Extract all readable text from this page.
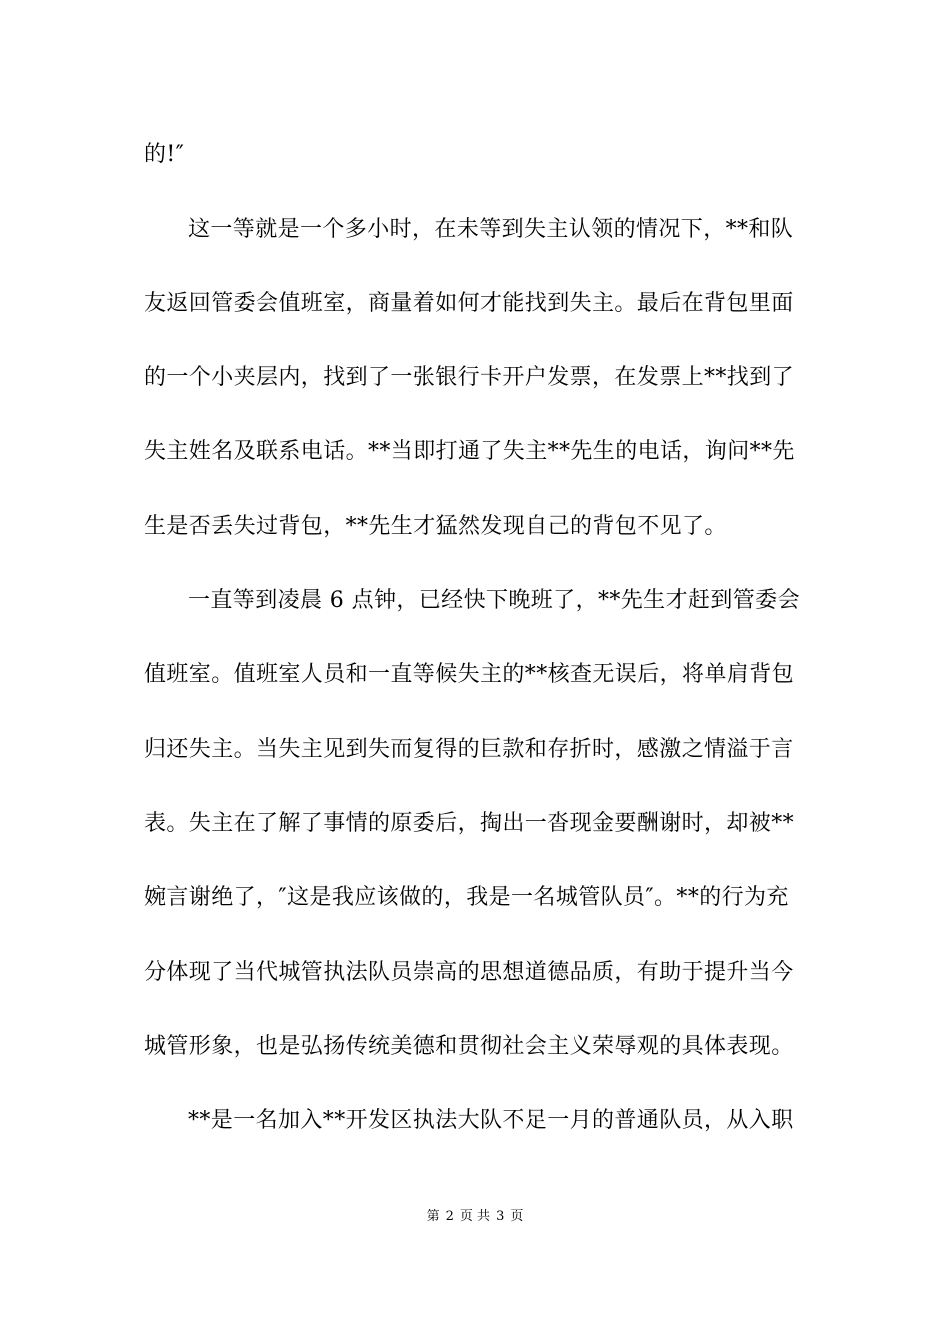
的!″
这一等就是一个多小时，在未等到失主认领的情况下，**和队
友返回管委会值班室，商量着如何才能找到失主。最后在背包里面
的一个小夹层内，找到了一张银行卡开户发票，在发票上**找到了
失主姓名及联系电话。**当即打通了失主**先生的电话，询问**先
生是否丢失过背包，**先生才猛然发现自己的背包不见了。
一直等到凌晨 6 点钟，已经快下晚班了，**先生才赶到管委会
值班室。值班室人员和一直等候失主的**核查无误后，将单肩背包
归还失主。当失主见到失而复得的巨款和存折时，感激之情溢于言
表。失主在了解了事情的原委后，掏出一沓现金要酬谢时，却被**
婉言谢绝了，″这是我应该做的，我是一名城管队员″。**的行为充
分体现了当代城管执法队员崇高的思想道德品质，有助于提升当今
城管形象，也是弘扬传统美德和贯彻社会主义荣辱观的具体表现。
**是一名加入**开发区执法大队不足一月的普通队员，从入职
第 2 页 共 3 页
